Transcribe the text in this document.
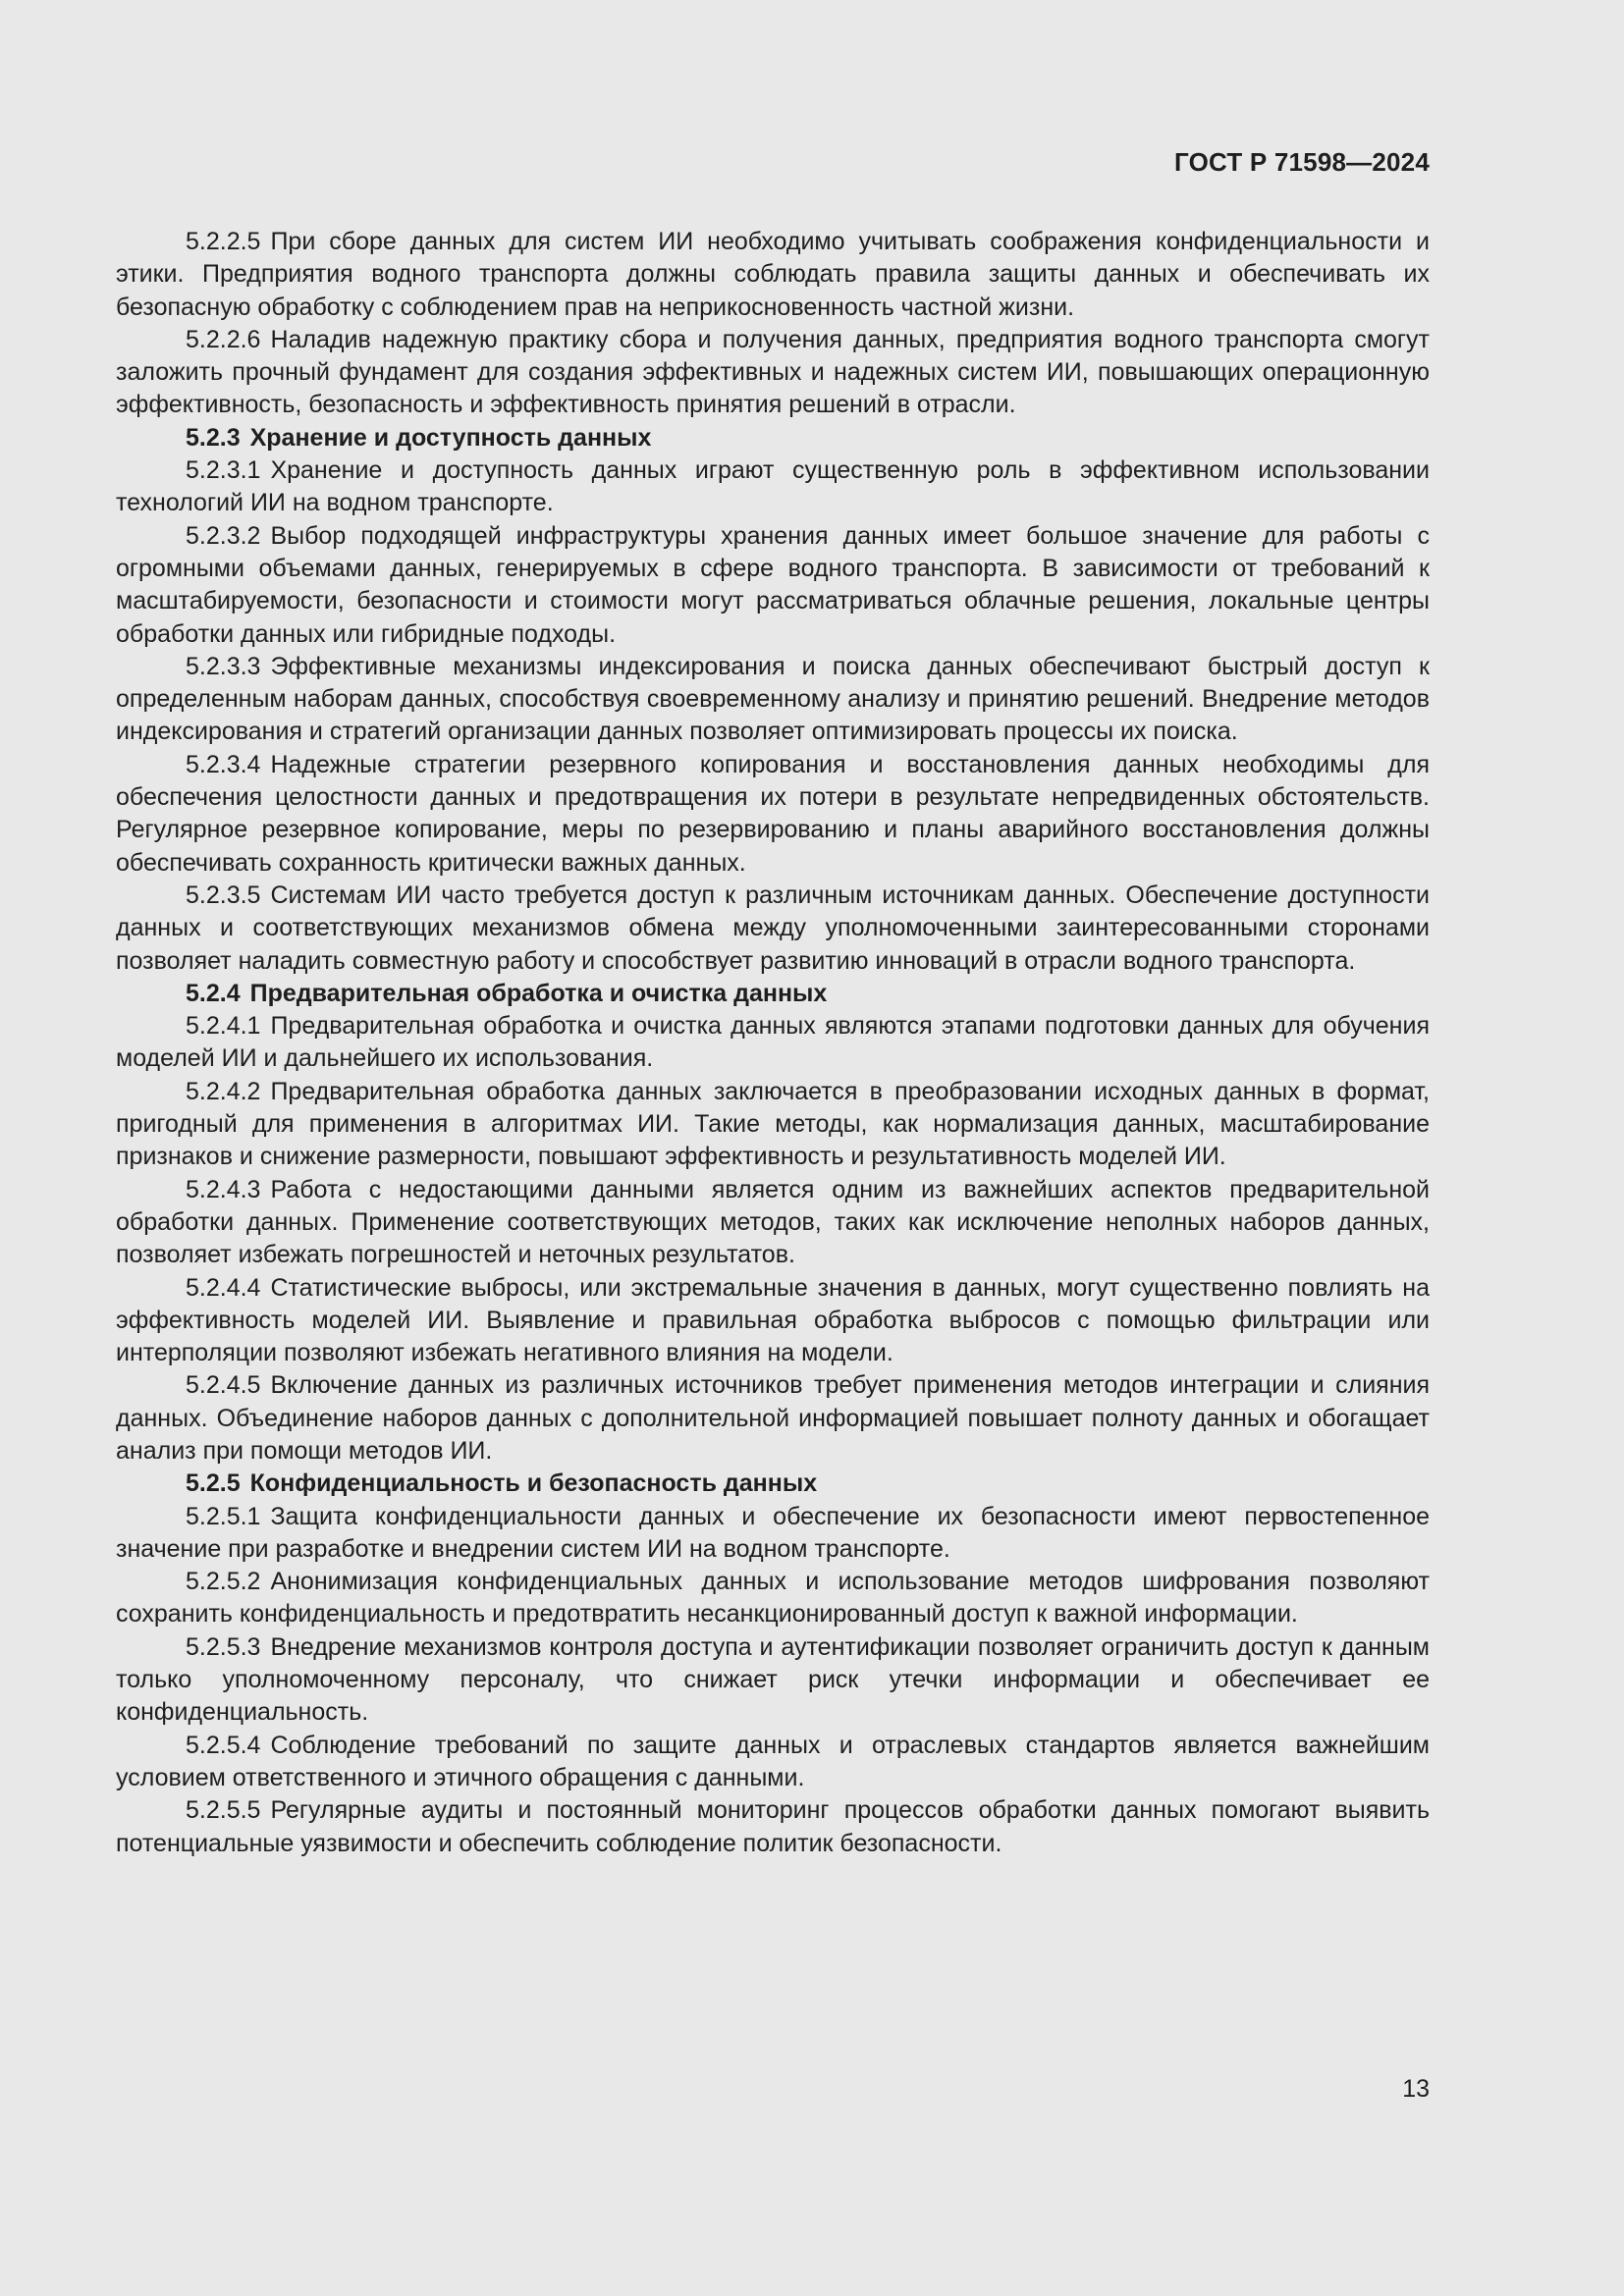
ГОСТ Р 71598—2024

5.2.2.5 При сборе данных для систем ИИ необходимо учитывать соображения конфиденциальности и этики. Предприятия водного транспорта должны соблюдать правила защиты данных и обеспечивать их безопасную обработку с соблюдением прав на неприкосновенность частной жизни.

5.2.2.6 Наладив надежную практику сбора и получения данных, предприятия водного транспорта смогут заложить прочный фундамент для создания эффективных и надежных систем ИИ, повышающих операционную эффективность, безопасность и эффективность принятия решений в отрасли.

5.2.3 Хранение и доступность данных

5.2.3.1 Хранение и доступность данных играют существенную роль в эффективном использовании технологий ИИ на водном транспорте.

5.2.3.2 Выбор подходящей инфраструктуры хранения данных имеет большое значение для работы с огромными объемами данных, генерируемых в сфере водного транспорта. В зависимости от требований к масштабируемости, безопасности и стоимости могут рассматриваться облачные решения, локальные центры обработки данных или гибридные подходы.

5.2.3.3 Эффективные механизмы индексирования и поиска данных обеспечивают быстрый доступ к определенным наборам данных, способствуя своевременному анализу и принятию решений. Внедрение методов индексирования и стратегий организации данных позволяет оптимизировать процессы их поиска.

5.2.3.4 Надежные стратегии резервного копирования и восстановления данных необходимы для обеспечения целостности данных и предотвращения их потери в результате непредвиденных обстоятельств. Регулярное резервное копирование, меры по резервированию и планы аварийного восстановления должны обеспечивать сохранность критически важных данных.

5.2.3.5 Системам ИИ часто требуется доступ к различным источникам данных. Обеспечение доступности данных и соответствующих механизмов обмена между уполномоченными заинтересованными сторонами позволяет наладить совместную работу и способствует развитию инноваций в отрасли водного транспорта.

5.2.4 Предварительная обработка и очистка данных

5.2.4.1 Предварительная обработка и очистка данных являются этапами подготовки данных для обучения моделей ИИ и дальнейшего их использования.

5.2.4.2 Предварительная обработка данных заключается в преобразовании исходных данных в формат, пригодный для применения в алгоритмах ИИ. Такие методы, как нормализация данных, масштабирование признаков и снижение размерности, повышают эффективность и результативность моделей ИИ.

5.2.4.3 Работа с недостающими данными является одним из важнейших аспектов предварительной обработки данных. Применение соответствующих методов, таких как исключение неполных наборов данных, позволяет избежать погрешностей и неточных результатов.

5.2.4.4 Статистические выбросы, или экстремальные значения в данных, могут существенно повлиять на эффективность моделей ИИ. Выявление и правильная обработка выбросов с помощью фильтрации или интерполяции позволяют избежать негативного влияния на модели.

5.2.4.5 Включение данных из различных источников требует применения методов интеграции и слияния данных. Объединение наборов данных с дополнительной информацией повышает полноту данных и обогащает анализ при помощи методов ИИ.

5.2.5 Конфиденциальность и безопасность данных

5.2.5.1 Защита конфиденциальности данных и обеспечение их безопасности имеют первостепенное значение при разработке и внедрении систем ИИ на водном транспорте.

5.2.5.2 Анонимизация конфиденциальных данных и использование методов шифрования позволяют сохранить конфиденциальность и предотвратить несанкционированный доступ к важной информации.

5.2.5.3 Внедрение механизмов контроля доступа и аутентификации позволяет ограничить доступ к данным только уполномоченному персоналу, что снижает риск утечки информации и обеспечивает ее конфиденциальность.

5.2.5.4 Соблюдение требований по защите данных и отраслевых стандартов является важнейшим условием ответственного и этичного обращения с данными.

5.2.5.5 Регулярные аудиты и постоянный мониторинг процессов обработки данных помогают выявить потенциальные уязвимости и обеспечить соблюдение политик безопасности.

13
